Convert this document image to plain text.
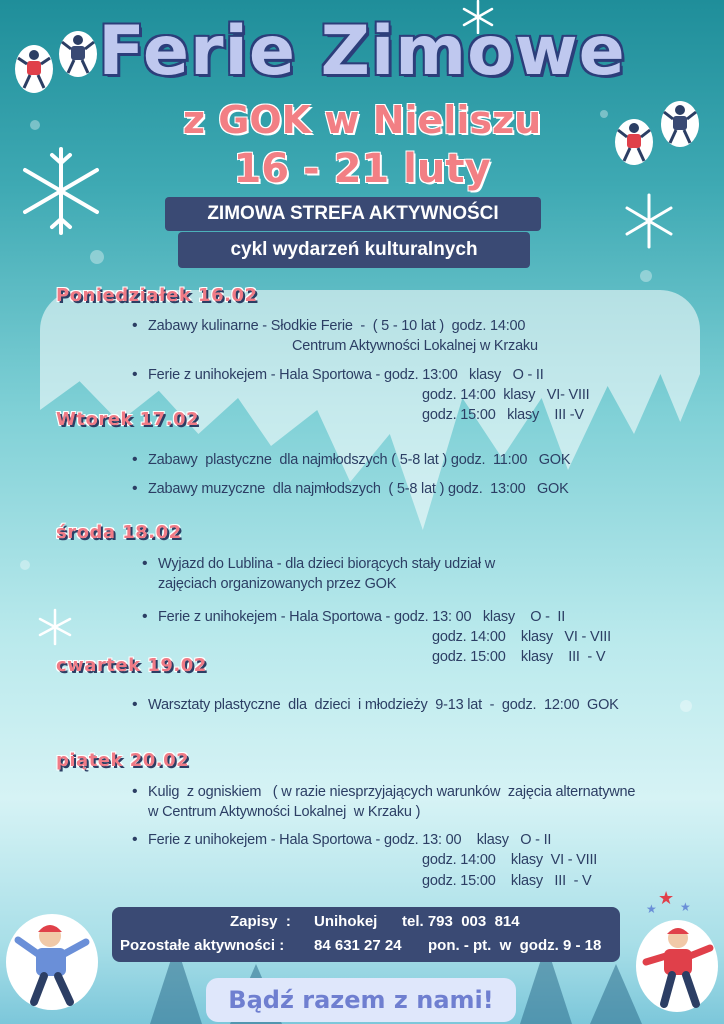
★ ★
★
Ferie Zimowe
z GOK w Nieliszu
16 - 21 luty
ZIMOWA STREFA AKTYWNOŚCI
cykl wydarzeń kulturalnych
Poniedziałek 16.02
• Zabawy kulinarne - Słodkie Ferie  -  ( 5 - 10 lat )  godz. 14:00
Centrum Aktywności Lokalnej w Krzaku
• Ferie z unihokejem - Hala Sportowa - godz. 13:00   klasy   O - II
godz. 14:00  klasy   VI- VIII
godz. 15:00   klasy    III -V
Wtorek 17.02
• Zabawy  plastyczne  dla najmłodszych ( 5-8 lat ) godz.  11:00   GOK
• Zabawy muzyczne  dla najmłodszych  ( 5-8 lat ) godz.  13:00   GOK
środa 18.02
• Wyjazd do Lublina - dla dzieci biorących stały udział w
zajęciach organizowanych przez GOK
• Ferie z unihokejem - Hala Sportowa - godz. 13: 00   klasy    O -  II
godz. 14:00    klasy   VI - VIII
godz. 15:00    klasy    III  - V
cwartek 19.02
• Warsztaty plastyczne  dla  dzieci  i młodzieży  9-13 lat  -  godz.  12:00  GOK
piątek 20.02
• Kulig  z ogniskiem   ( w razie niesprzyjających warunków  zajęcia alternatywne
w Centrum Aktywności Lokalnej  w Krzaku )
• Ferie z unihokejem - Hala Sportowa - godz. 13: 00    klasy   O - II
godz. 14:00    klasy  VI - VIII
godz. 15:00    klasy   III  - V
Zapisy  : Unihokej tel. 793  003  814
Pozostałe aktywności : 84 631 27 24 pon. - pt.  w  godz. 9 - 18
Bądź razem z nami!
